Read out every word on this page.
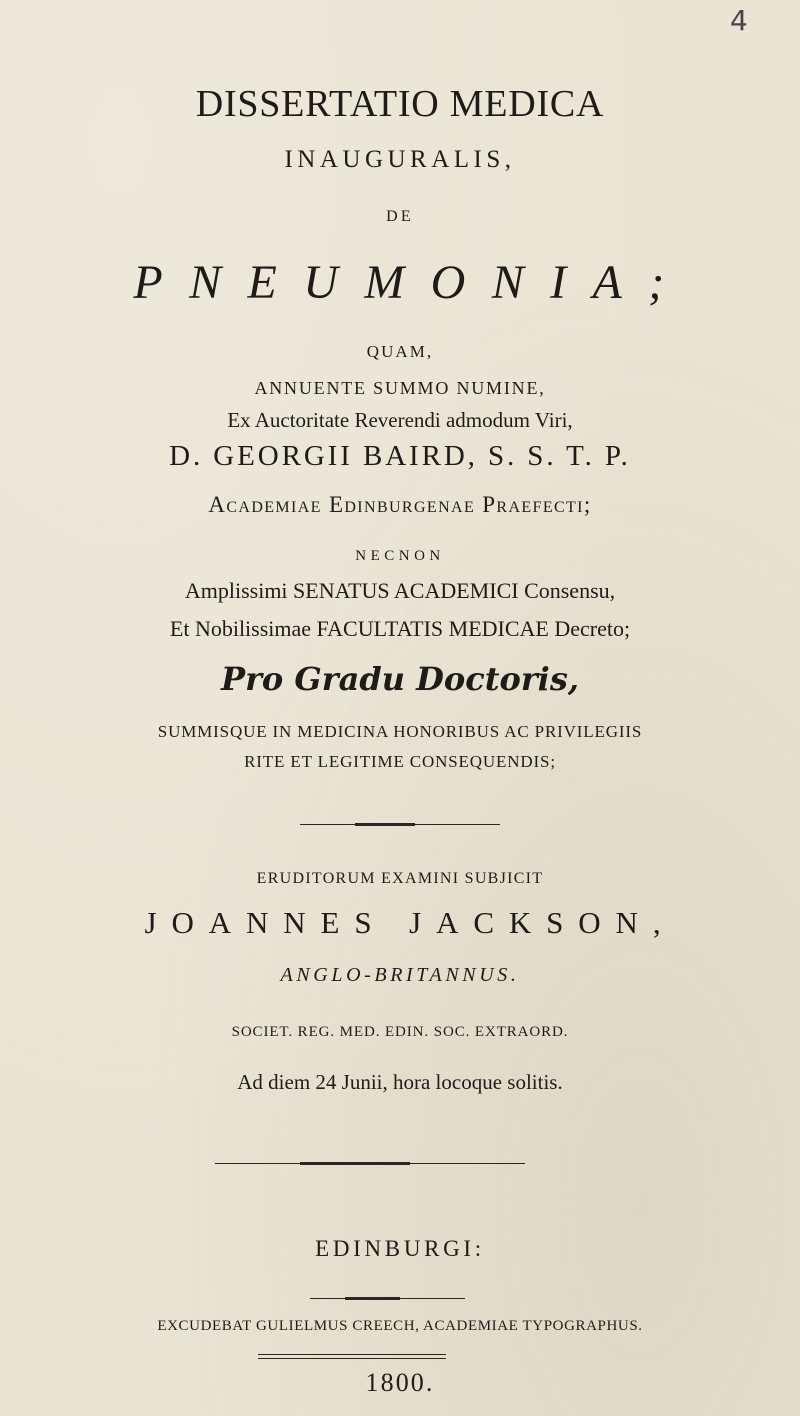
4
DISSERTATIO MEDICA
INAUGURALIS,
DE
PNEUMONIA;
QUAM,
ANNUENTE SUMMO NUMINE,
Ex Auctoritate Reverendi admodum Viri,
D. GEORGII BAIRD, S. S. T. P.
Academiae Edinburgenae Praefecti;
NECNON
Amplissimi SENATUS ACADEMICI Consensu,
Et Nobilissimae FACULTATIS MEDICAE Decreto;
Pro Gradu Doctoris,
SUMMISQUE IN MEDICINA HONORIBUS AC PRIVILEGIIS
RITE ET LEGITIME CONSEQUENDIS;
ERUDITORUM EXAMINI SUBJICIT
JOANNES JACKSON,
ANGLO-BRITANNUS.
SOCIET. REG. MED. EDIN. SOC. EXTRAORD.
Ad diem 24 Junii, hora locoque solitis.
EDINBURGI:
EXCUDEBAT GULIELMUS CREECH, ACADEMIAE TYPOGRAPHUS.
1800.
